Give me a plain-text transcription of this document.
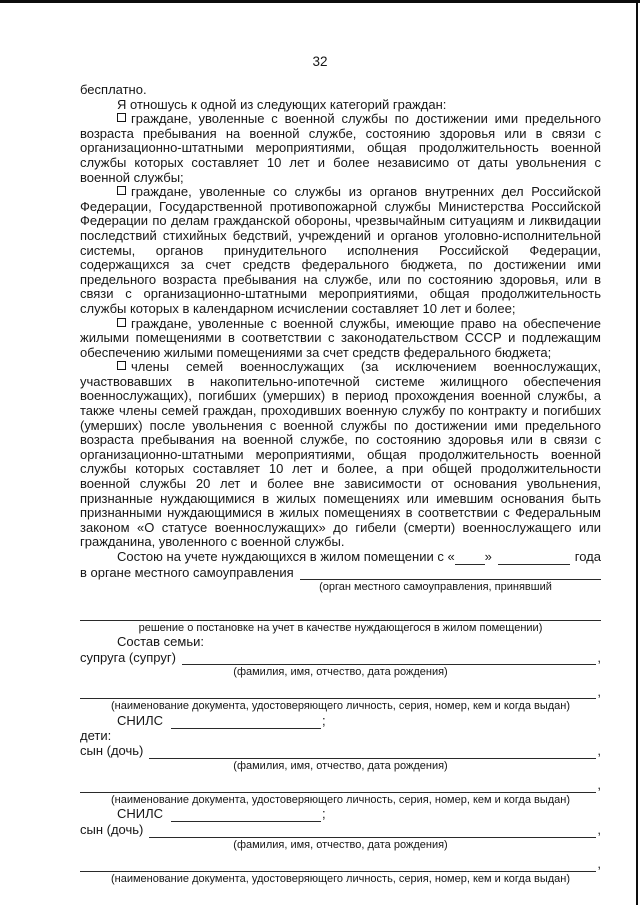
32

бесплатно.

Я отношусь к одной из следующих категорий граждан:

граждане, уволенные с военной службы по достижении ими предельного возраста пребывания на военной службе, состоянию здоровья или в связи с организационно-штатными мероприятиями, общая продолжительность военной службы которых составляет 10 лет и более независимо от даты увольнения с военной службы;

граждане, уволенные со службы из органов внутренних дел Российской Федерации, Государственной противопожарной службы Министерства Российской Федерации по делам гражданской обороны, чрезвычайным ситуациям и ликвидации последствий стихийных бедствий, учреждений и органов уголовно-исполнительной системы, органов принудительного исполнения Российской Федерации, содержащихся за счет средств федерального бюджета, по достижении ими предельного возраста пребывания на службе, или по состоянию здоровья, или в связи с организационно-штатными мероприятиями, общая продолжительность службы которых в календарном исчислении составляет 10 лет и более;

граждане, уволенные с военной службы, имеющие право на обеспечение жилыми помещениями в соответствии с законодательством СССР и подлежащим обеспечению жилыми помещениями за счет средств федерального бюджета;

члены семей военнослужащих (за исключением военнослужащих, участвовавших в накопительно-ипотечной системе жилищного обеспечения военнослужащих), погибших (умерших) в период прохождения военной службы, а также члены семей граждан, проходивших военную службу по контракту и погибших (умерших) после увольнения с военной службы по достижении ими предельного возраста пребывания на военной службе, по состоянию здоровья или в связи с организационно-штатными мероприятиями, общая продолжительность военной службы которых составляет 10 лет и более, а при общей продолжительности военной службы 20 лет и более вне зависимости от основания увольнения, признанные нуждающимися в жилых помещениях или имевшим основания быть признанными нуждающимися в жилых помещениях в соответствии с Федеральным законом «О статусе военнослужащих» до гибели (смерти) военнослужащего или гражданина, уволенного с военной службы.

Состою на учете нуждающихся в жилом помещении с « »	года
в органе местного самоуправления
(орган местного самоуправления, принявший
решение о постановке на учет в качестве нуждающегося в жилом помещении)

Состав семьи:

супруга (супруг)	,
(фамилия, имя, отчество, дата рождения)
,
(наименование документа, удостоверяющего личность, серия, номер, кем и когда выдан)
СНИЛС	;

дети:

сын (дочь)	,
(фамилия, имя, отчество, дата рождения)
,
(наименование документа, удостоверяющего личность, серия, номер, кем и когда выдан)
СНИЛС	;
сын (дочь)	,
(фамилия, имя, отчество, дата рождения)
,
(наименование документа, удостоверяющего личность, серия, номер, кем и когда выдан)
